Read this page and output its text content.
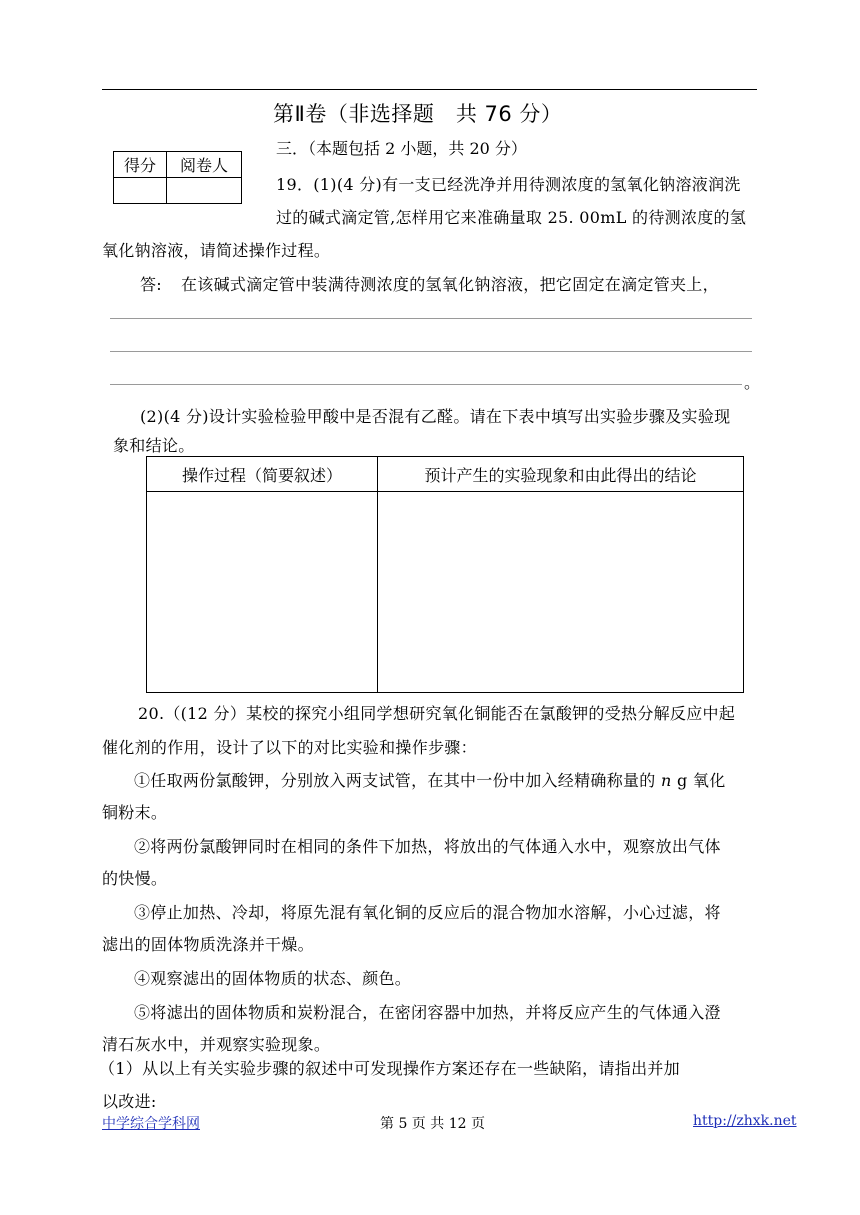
第Ⅱ卷（非选择题　共 76 分）
三．（本题包括 2 小题，共 20 分）
得分	阅卷人

19．(1)(4 分)有一支已经洗净并用待测浓度的氢氧化钠溶液润洗
过的碱式滴定管,怎样用它来准确量取 25. 00mL 的待测浓度的氢
氧化钠溶液，请简述操作过程。
答: 在该碱式滴定管中装满待测浓度的氢氧化钠溶液，把它固定在滴定管夹上，
。
(2)(4 分)设计实验检验甲酸中是否混有乙醛。请在下表中填写出实验步骤及实验现
象和结论。
操作过程（简要叙述）	预计产生的实验现象和由此得出的结论

20.（(12 分）某校的探究小组同学想研究氧化铜能否在氯酸钾的受热分解反应中起
催化剂的作用，设计了以下的对比实验和操作步骤：
①任取两份氯酸钾，分别放入两支试管，在其中一份中加入经精确称量的 n g 氧化
铜粉末。
②将两份氯酸钾同时在相同的条件下加热，将放出的气体通入水中，观察放出气体
的快慢。
③停止加热、冷却，将原先混有氧化铜的反应后的混合物加水溶解，小心过滤，将
滤出的固体物质洗涤并干燥。
④观察滤出的固体物质的状态、颜色。
⑤将滤出的固体物质和炭粉混合，在密闭容器中加热，并将反应产生的气体通入澄
清石灰水中，并观察实验现象。
（1）从以上有关实验步骤的叙述中可发现操作方案还存在一些缺陷，请指出并加
以改进:
中学综合学科网	第 5 页 共 12 页	http://zhxk.net
